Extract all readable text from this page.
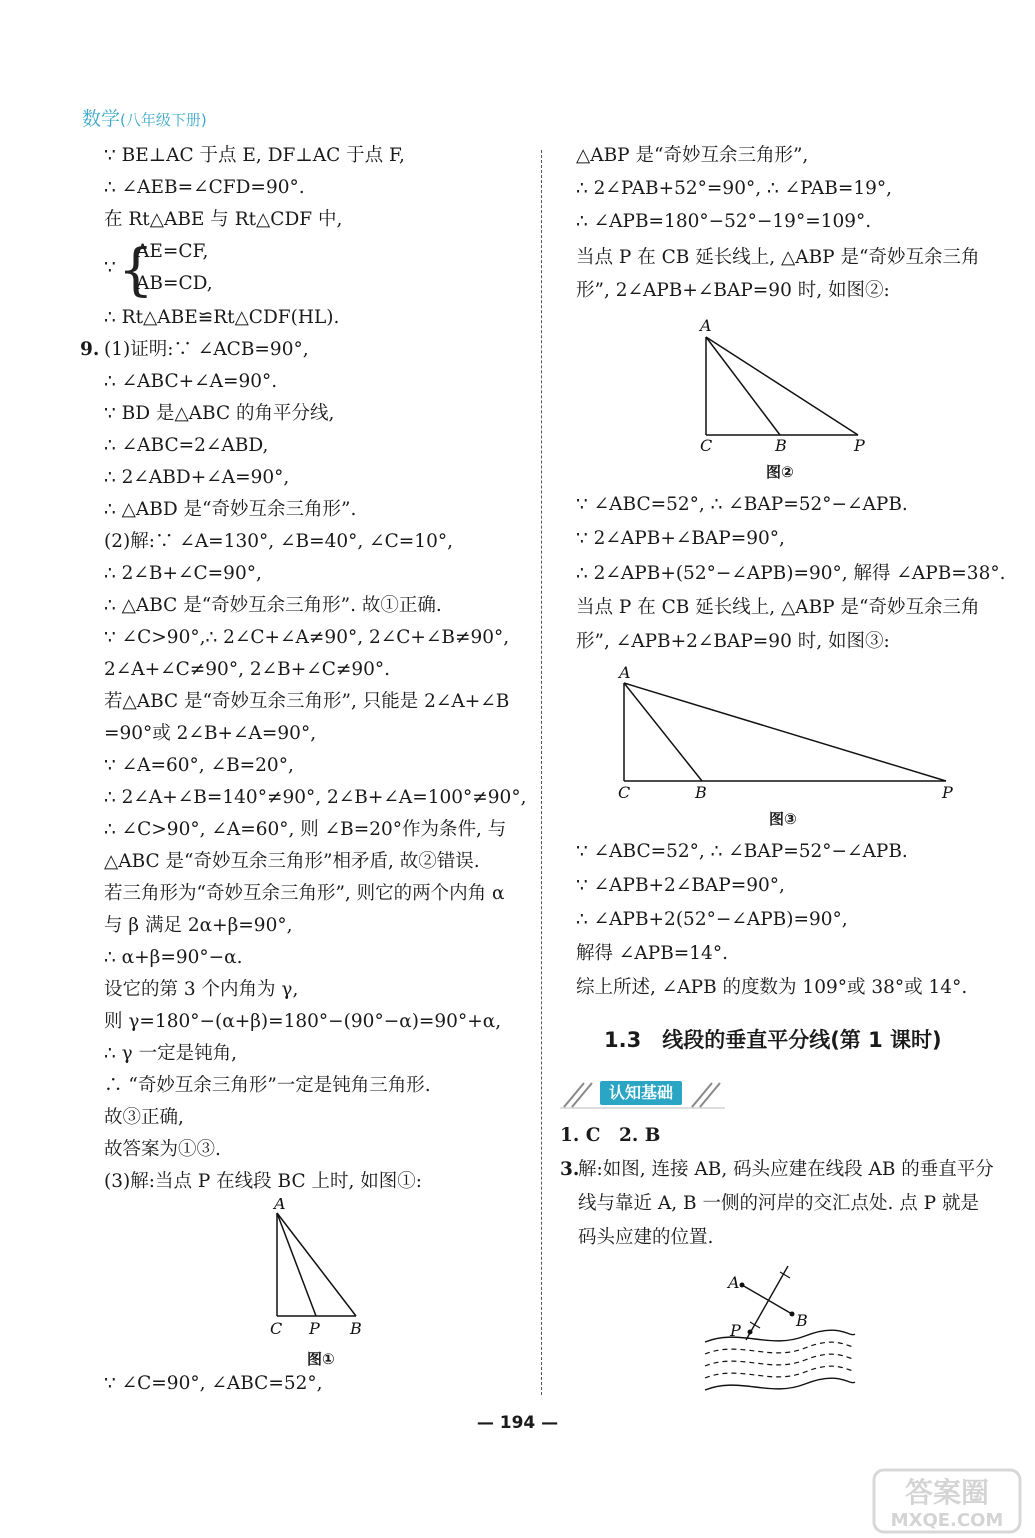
数学(八年级下册)
∵ BE⊥AC 于点 E, DF⊥AC 于点 F,
∴ ∠AEB=∠CFD=90°.
在 Rt△ABE 与 Rt△CDF 中,
∵ {
AE=CF,
AB=CD,
∴ Rt△ABE≌Rt△CDF(HL).
9. (1)证明:∵ ∠ACB=90°,
∴ ∠ABC+∠A=90°.
∵ BD 是△ABC 的角平分线,
∴ ∠ABC=2∠ABD,
∴ 2∠ABD+∠A=90°,
∴ △ABD 是“奇妙互余三角形”.
(2)解:∵ ∠A=130°, ∠B=40°, ∠C=10°,
∴ 2∠B+∠C=90°,
∴ △ABC 是“奇妙互余三角形”. 故①正确.
∵ ∠C>90°,∴ 2∠C+∠A≠90°, 2∠C+∠B≠90°,
2∠A+∠C≠90°, 2∠B+∠C≠90°.
若△ABC 是“奇妙互余三角形”, 只能是 2∠A+∠B
=90°或 2∠B+∠A=90°,
∵ ∠A=60°, ∠B=20°,
∴ 2∠A+∠B=140°≠90°, 2∠B+∠A=100°≠90°,
∴ ∠C>90°, ∠A=60°, 则 ∠B=20°作为条件, 与
△ABC 是“奇妙互余三角形”相矛盾, 故②错误.
若三角形为“奇妙互余三角形”, 则它的两个内角 α
与 β 满足 2α+β=90°,
∴ α+β=90°−α.
设它的第 3 个内角为 γ,
则 γ=180°−(α+β)=180°−(90°−α)=90°+α,
∴ γ 一定是钝角,
∴ “奇妙互余三角形”一定是钝角三角形.
故③正确,
故答案为①③.
(3)解:当点 P 在线段 BC 上时, 如图①:
A
C P B
图①
∵ ∠C=90°, ∠ABC=52°,
△ABP 是“奇妙互余三角形”,
∴ 2∠PAB+52°=90°, ∴ ∠PAB=19°,
∴ ∠APB=180°−52°−19°=109°.
当点 P 在 CB 延长线上, △ABP 是“奇妙互余三角
形”, 2∠APB+∠BAP=90 时, 如图②:
A
C	B	P
图②
∵ ∠ABC=52°, ∴ ∠BAP=52°−∠APB.
∵ 2∠APB+∠BAP=90°,
∴ 2∠APB+(52°−∠APB)=90°, 解得 ∠APB=38°.
当点 P 在 CB 延长线上, △ABP 是“奇妙互余三角
形”, ∠APB+2∠BAP=90 时, 如图③:
A
C	B	P
图③
∵ ∠ABC=52°, ∴ ∠BAP=52°−∠APB.
∵ ∠APB+2∠BAP=90°,
∴ ∠APB+2(52°−∠APB)=90°,
解得 ∠APB=14°.
综上所述, ∠APB 的度数为 109°或 38°或 14°.
1.3　线段的垂直平分线(第 1 课时)
认知基础
1. C　2. B
3.
解:如图, 连接 AB, 码头应建在线段 AB 的垂直平分
线与靠近 A, B 一侧的河岸的交汇点处. 点 P 就是
码头应建的位置.
A
B
P
— 194 —
答案圈
MXQE.COM
